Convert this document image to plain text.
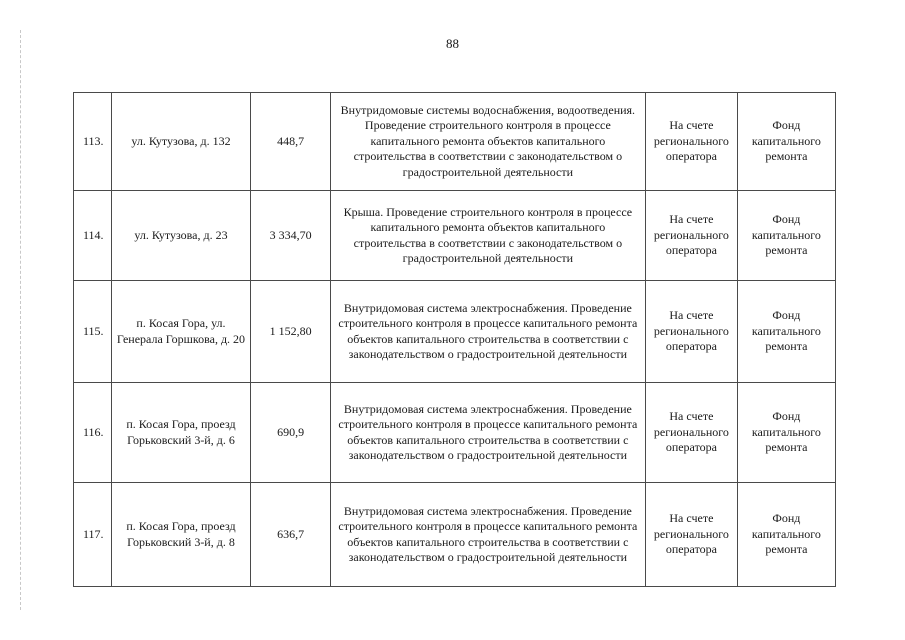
88
113.	ул. Кутузова, д. 132	448,7	Внутридомовые системы водоснабжения, водоотведения. Проведение строительного контроля в процессе капитального ремонта объектов капитального строительства в соответствии с законодательством о градостроительной деятельности	На счете регионального оператора	Фонд капитального ремонта
114.	ул. Кутузова, д. 23	3 334,70	Крыша. Проведение строительного контроля в процессе капитального ремонта объектов капитального строительства в соответствии с законодательством о градостроительной деятельности	На счете регионального оператора	Фонд капитального ремонта
115.	п. Косая Гора, ул. Генерала Горшкова, д. 20	1 152,80	Внутридомовая система электроснабжения. Проведение строительного контроля в процессе капитального ремонта объектов капитального строительства в соответствии с законодательством о градостроительной деятельности	На счете регионального оператора	Фонд капитального ремонта
116.	п. Косая Гора, проезд Горьковский 3-й, д. 6	690,9	Внутридомовая система электроснабжения. Проведение строительного контроля в процессе капитального ремонта объектов капитального строительства в соответствии с законодательством о градостроительной деятельности	На счете регионального оператора	Фонд капитального ремонта
117.	п. Косая Гора, проезд Горьковский 3-й, д. 8	636,7	Внутридомовая система электроснабжения. Проведение строительного контроля в процессе капитального ремонта объектов капитального строительства в соответствии с законодательством о градостроительной деятельности	На счете регионального оператора	Фонд капитального ремонта
